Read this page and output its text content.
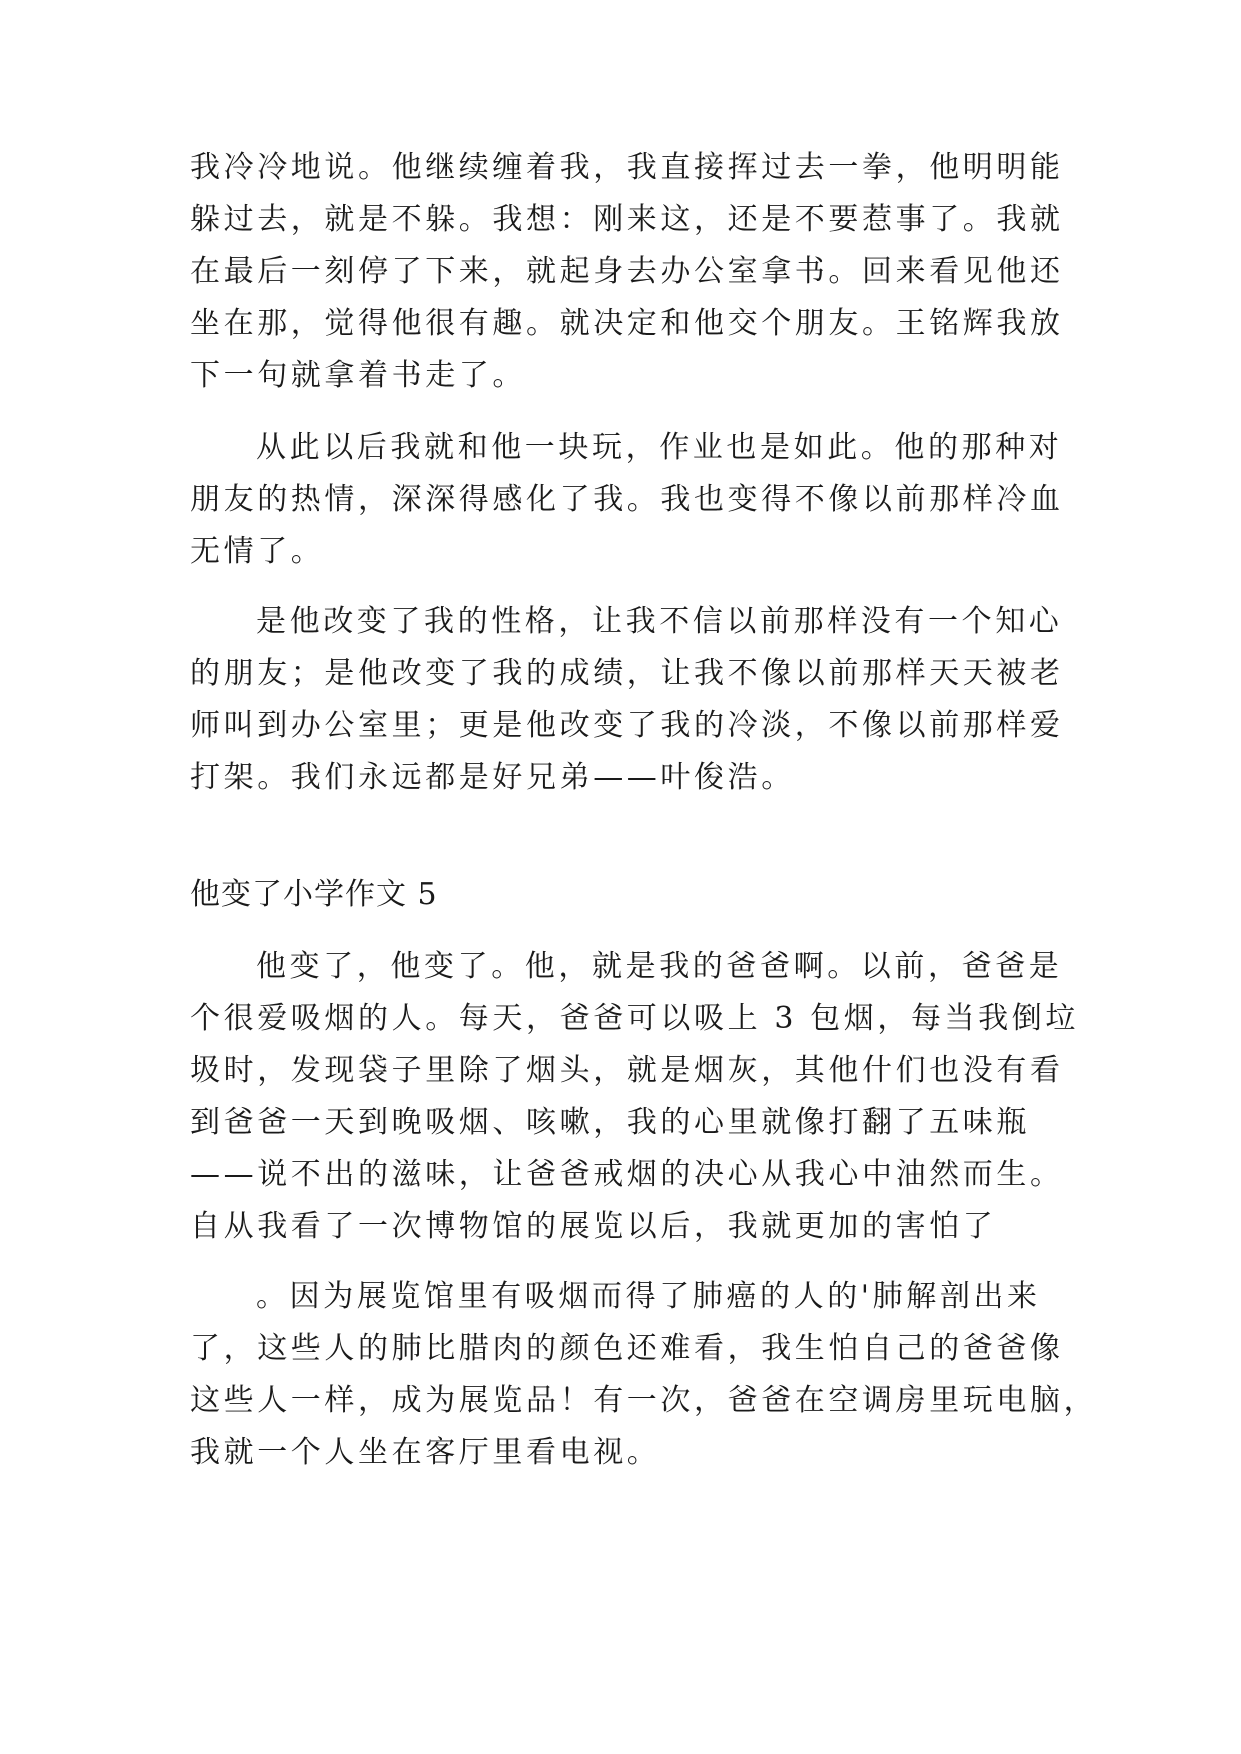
我冷冷地说。他继续缠着我，我直接挥过去一拳，他明明能

躲过去，就是不躲。我想：刚来这，还是不要惹事了。我就

在最后一刻停了下来，就起身去办公室拿书。回来看见他还

坐在那，觉得他很有趣。就决定和他交个朋友。王铭辉我放

下一句就拿着书走了。

从此以后我就和他一块玩，作业也是如此。他的那种对

朋友的热情，深深得感化了我。我也变得不像以前那样冷血

无情了。

是他改变了我的性格，让我不信以前那样没有一个知心

的朋友；是他改变了我的成绩，让我不像以前那样天天被老

师叫到办公室里；更是他改变了我的冷淡，不像以前那样爱

打架。我们永远都是好兄弟——叶俊浩。

他变了小学作文 5

他变了，他变了。他，就是我的爸爸啊。以前，爸爸是

个很爱吸烟的人。每天，爸爸可以吸上 3 包烟，每当我倒垃

圾时，发现袋子里除了烟头，就是烟灰，其他什们也没有看

到爸爸一天到晚吸烟、咳嗽，我的心里就像打翻了五味瓶

——说不出的滋味，让爸爸戒烟的决心从我心中油然而生。

自从我看了一次博物馆的展览以后，我就更加的害怕了

。因为展览馆里有吸烟而得了肺癌的人的'肺解剖出来

了，这些人的肺比腊肉的颜色还难看，我生怕自己的爸爸像

这些人一样，成为展览品！有一次，爸爸在空调房里玩电脑，

我就一个人坐在客厅里看电视。
